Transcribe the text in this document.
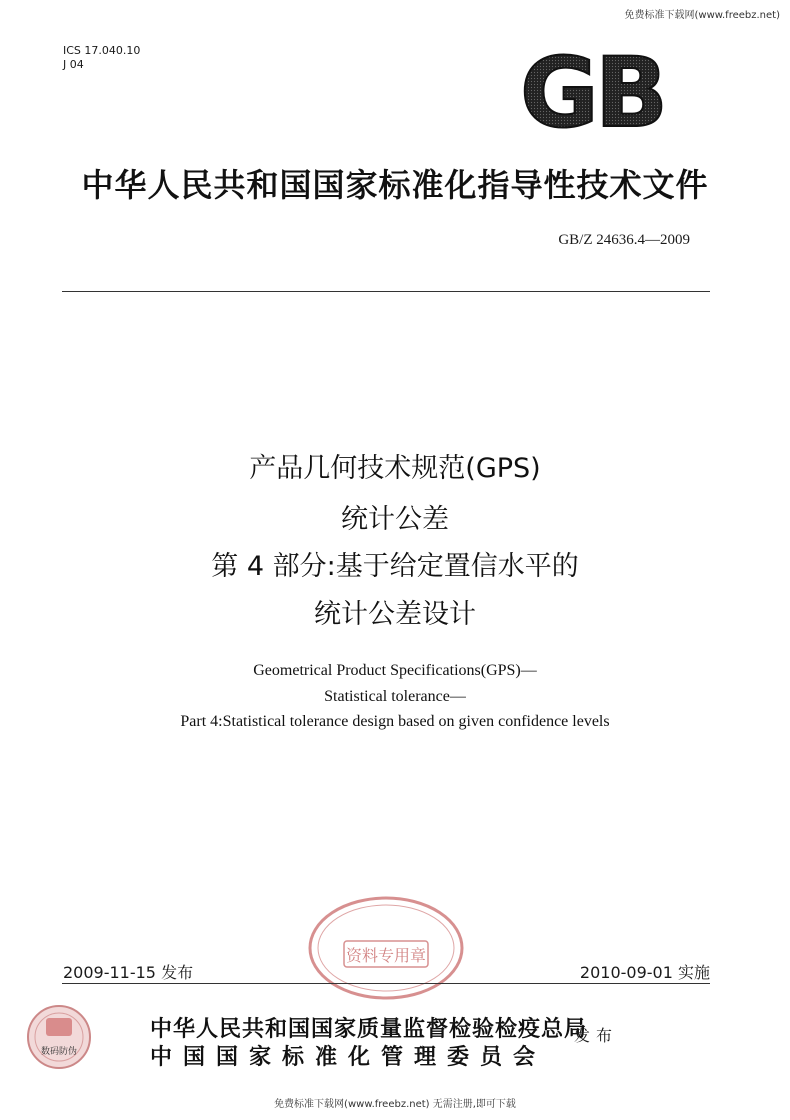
免费标准下载网(www.freebz.net)
ICS 17.040.10
J 04	GB
中华人民共和国国家标准化指导性技术文件
GB/Z 24636.4—2009
产品几何技术规范(GPS)
统计公差
第 4 部分:基于给定置信水平的
统计公差设计
Geometrical Product Specifications(GPS)—
Statistical tolerance—
Part 4:Statistical tolerance design based on given confidence levels
资料专用章
2009-11-15 发布	2010-09-01 实施
数码防伪
中华人民共和国国家质量监督检验检疫总局
中国国家标准化管理委员会
发布
免费标准下载网(www.freebz.net) 无需注册,即可下载
